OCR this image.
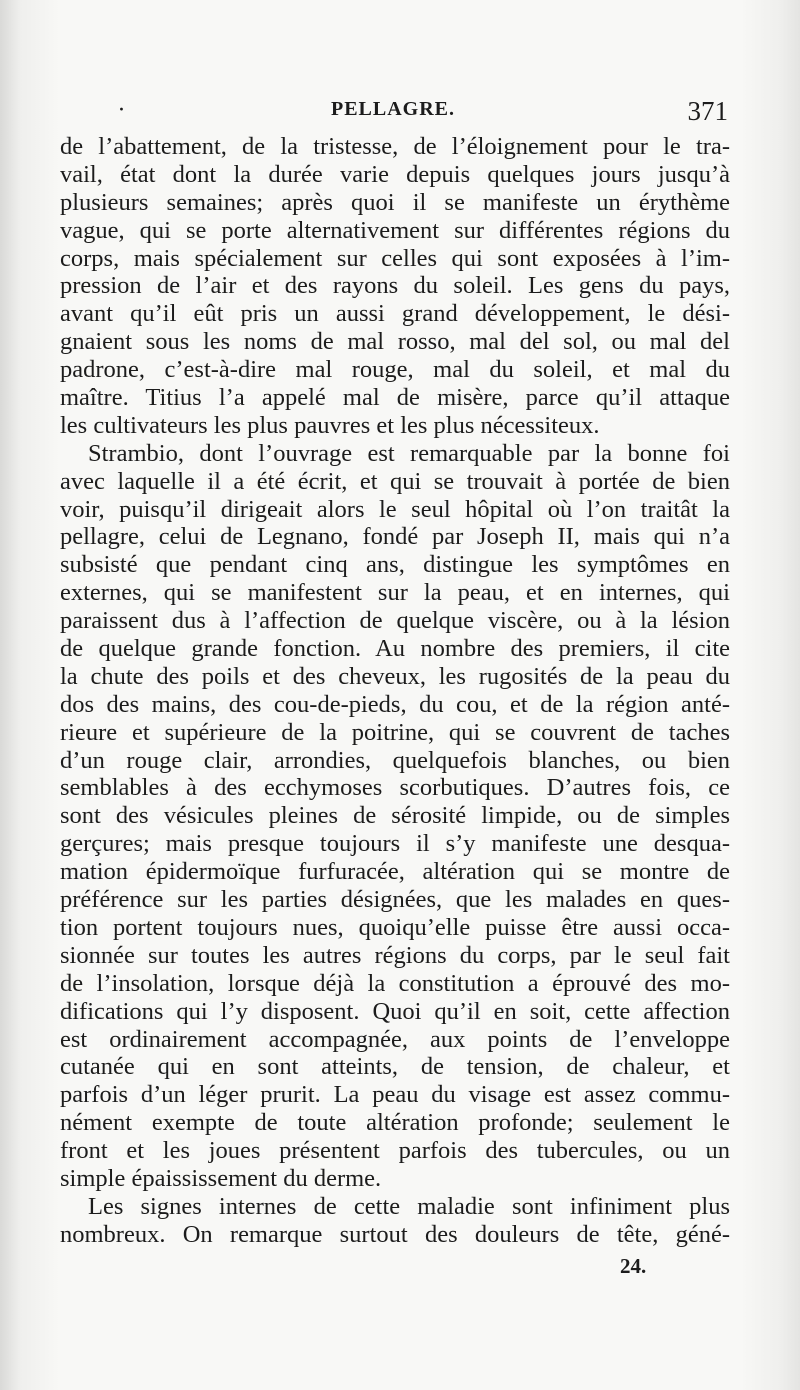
·	PELLAGRE.	371
de l’abattement, de la tristesse, de l’éloignement pour le tra-
vail, état dont la durée varie depuis quelques jours jusqu’à
plusieurs semaines; après quoi il se manifeste un érythème
vague, qui se porte alternativement sur différentes régions du
corps, mais spécialement sur celles qui sont exposées à l’im-
pression de l’air et des rayons du soleil. Les gens du pays,
avant qu’il eût pris un aussi grand développement, le dési-
gnaient sous les noms de mal rosso, mal del sol, ou mal del
padrone, c’est-à-dire mal rouge, mal du soleil, et mal du
maître. Titius l’a appelé mal de misère, parce qu’il attaque
les cultivateurs les plus pauvres et les plus nécessiteux.
Strambio, dont l’ouvrage est remarquable par la bonne foi
avec laquelle il a été écrit, et qui se trouvait à portée de bien
voir, puisqu’il dirigeait alors le seul hôpital où l’on traitât la
pellagre, celui de Legnano, fondé par Joseph II, mais qui n’a
subsisté que pendant cinq ans, distingue les symptômes en
externes, qui se manifestent sur la peau, et en internes, qui
paraissent dus à l’affection de quelque viscère, ou à la lésion
de quelque grande fonction. Au nombre des premiers, il cite
la chute des poils et des cheveux, les rugosités de la peau du
dos des mains, des cou-de-pieds, du cou, et de la région anté-
rieure et supérieure de la poitrine, qui se couvrent de taches
d’un rouge clair, arrondies, quelquefois blanches, ou bien
semblables à des ecchymoses scorbutiques. D’autres fois, ce
sont des vésicules pleines de sérosité limpide, ou de simples
gerçures; mais presque toujours il s’y manifeste une desqua-
mation épidermoïque furfuracée, altération qui se montre de
préférence sur les parties désignées, que les malades en ques-
tion portent toujours nues, quoiqu’elle puisse être aussi occa-
sionnée sur toutes les autres régions du corps, par le seul fait
de l’insolation, lorsque déjà la constitution a éprouvé des mo-
difications qui l’y disposent. Quoi qu’il en soit, cette affection
est ordinairement accompagnée, aux points de l’enveloppe
cutanée qui en sont atteints, de tension, de chaleur, et
parfois d’un léger prurit. La peau du visage est assez commu-
nément exempte de toute altération profonde; seulement le
front et les joues présentent parfois des tubercules, ou un
simple épaississement du derme.
Les signes internes de cette maladie sont infiniment plus
nombreux. On remarque surtout des douleurs de tête, géné-
24.
